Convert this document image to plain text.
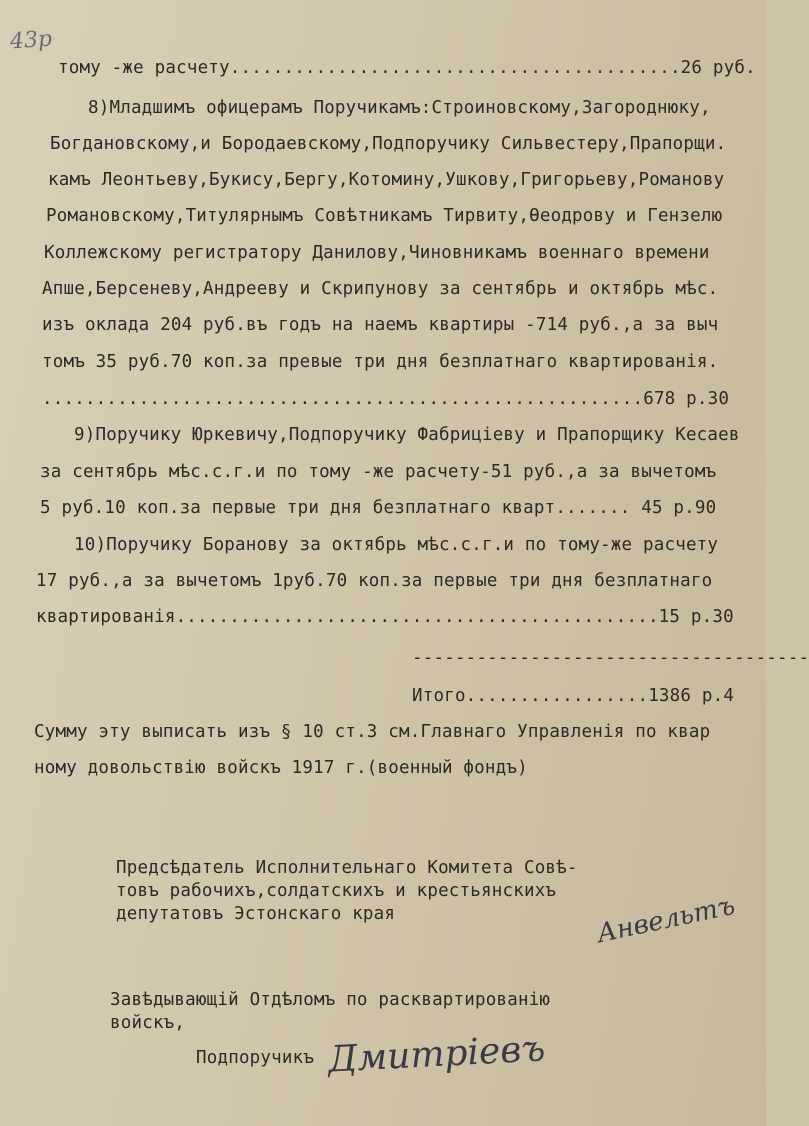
43р
тому -же расчету..........................................26 руб.
8)Младшимъ офицерамъ Поручикамъ:Строиновскому,Загороднюку,
Богдановскому,и Бородаевскому,Подпоручику Сильвестеру,Прапорщи.
камъ Леонтьеву,Букису,Бергу,Котомину,Ушкову,Григорьеву,Романову
Романовскому,Титулярнымъ Совѣтникамъ Тирвиту,Ѳеодрову и Гензелю
Коллежскому регистратору Данилову,Чиновникамъ военнаго времени
Апше,Берсеневу,Андрееву и Скрипунову за сентябрь и октябрь мѣс.
изъ оклада 204 руб.въ годъ на наемъ квартиры -714 руб.,а за выч
томъ 35 руб.70 коп.за превые три дня безплатнаго квартированія.
........................................................678 р.30
9)Поручику Юркевичу,Подпоручику Фабриціеву и Прапорщику Кесаев
за сентябрь мѣс.с.г.и по тому -же расчету-51 руб.,а за вычетомъ
5 руб.10 коп.за первые три дня безплатнаго кварт....... 45 р.90
10)Поручику Боранову за октябрь мѣс.с.г.и по тому-же расчету
17 руб.,а за вычетомъ 1руб.70 коп.за первые три дня безплатнаго
квартированія.............................................15 р.30
-------------------------------------
Итого.................1386 р.4
Сумму эту выписать изъ § 10 ст.3 см.Главнаго Управленія по квар
ному довольствію войскъ 1917 г.(военный фондъ)
Предсѣдатель Исполнительнаго Комитета Совѣ-
товъ рабочихъ,солдатскихъ и крестьянскихъ
депутатовъ Эстонскаго края	Анвельтъ
Завѣдывающій Отдѣломъ по расквартированію
войскъ,
Подпоручикъ Дмитріевъ
